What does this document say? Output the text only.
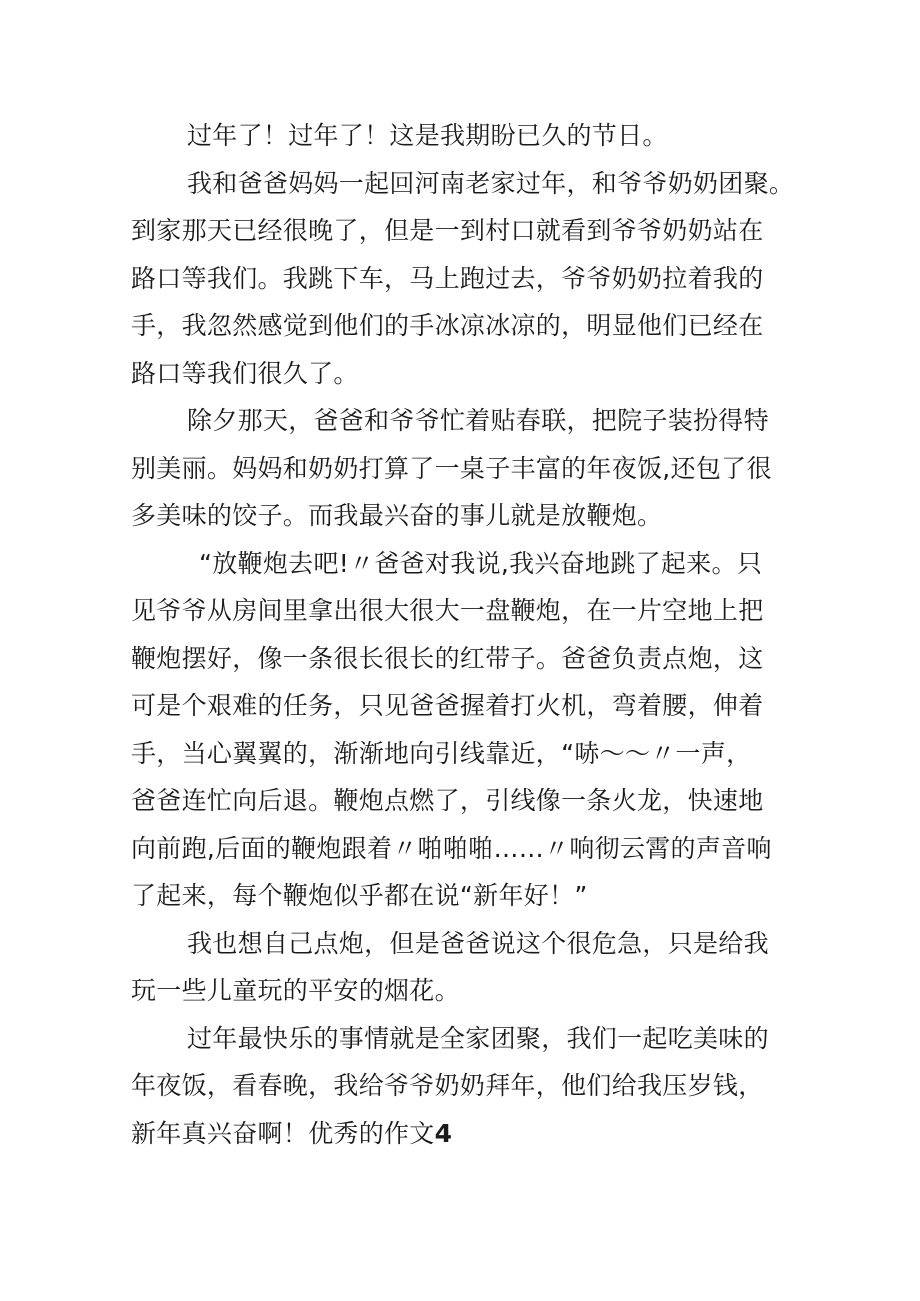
过年了！过年了！这是我期盼已久的节日。
我和爸爸妈妈一起回河南老家过年，和爷爷奶奶团聚。
到家那天已经很晚了，但是一到村口就看到爷爷奶奶站在
路口等我们。我跳下车，马上跑过去，爷爷奶奶拉着我的
手，我忽然感觉到他们的手冰凉冰凉的，明显他们已经在
路口等我们很久了。
除夕那天，爸爸和爷爷忙着贴春联，把院子装扮得特
别美丽。妈妈和奶奶打算了一桌子丰富的年夜饭,还包了很
多美味的饺子。而我最兴奋的事儿就是放鞭炮。
“放鞭炮去吧!〃爸爸对我说,我兴奋地跳了起来。只
见爷爷从房间里拿出很大很大一盘鞭炮，在一片空地上把
鞭炮摆好，像一条很长很长的红带子。爸爸负责点炮，这
可是个艰难的任务，只见爸爸握着打火机，弯着腰，伸着
手，当心翼翼的，渐渐地向引线靠近，“哧〜〜〃一声，
爸爸连忙向后退。鞭炮点燃了，引线像一条火龙，快速地
向前跑,后面的鞭炮跟着〃啪啪啪……〃响彻云霄的声音响
了起来，每个鞭炮似乎都在说“新年好！”
我也想自己点炮，但是爸爸说这个很危急，只是给我
玩一些儿童玩的平安的烟花。
过年最快乐的事情就是全家团聚，我们一起吃美味的
年夜饭，看春晚，我给爷爷奶奶拜年，他们给我压岁钱，
新年真兴奋啊！优秀的作文4
